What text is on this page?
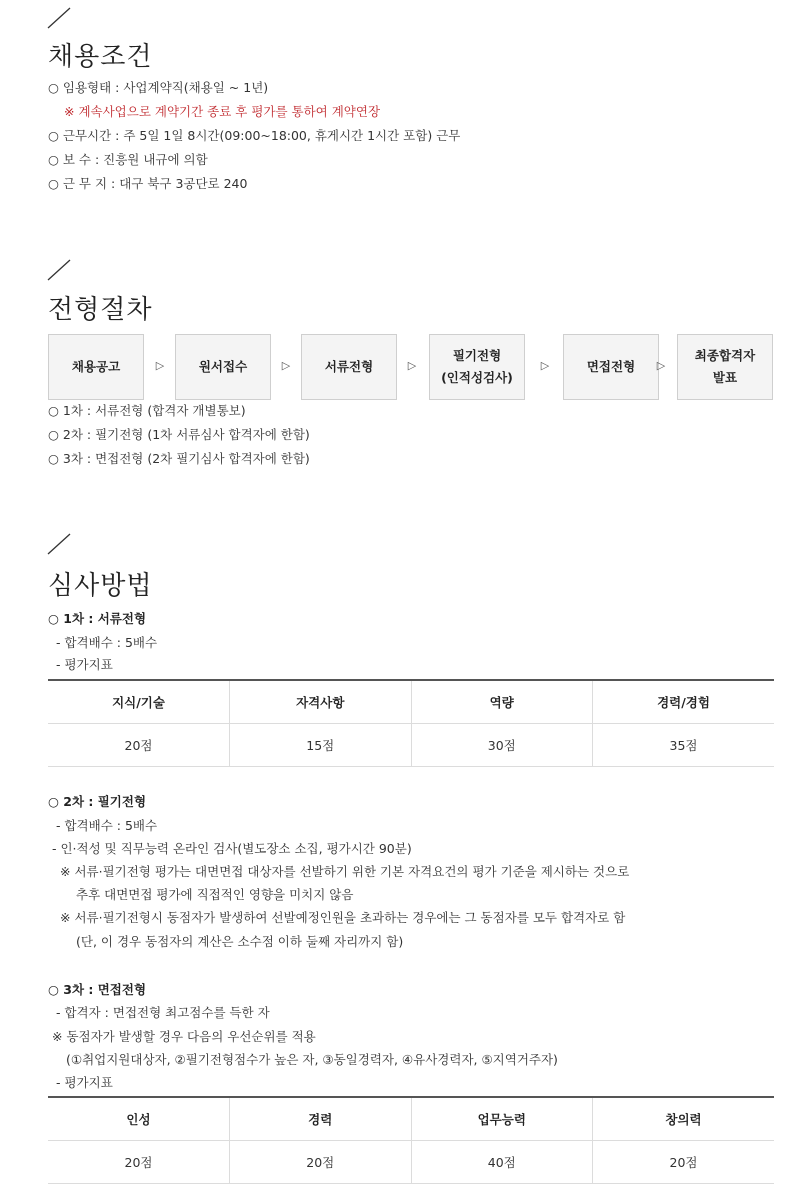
채용조건
○ 임용형태 : 사업계약직(채용일 ~ 1년)
※ 계속사업으로 계약기간 종료 후 평가를 통하여 계약연장
○ 근무시간 : 주 5일 1일 8시간(09:00~18:00, 휴게시간 1시간 포함) 근무
○ 보 수 : 진흥원 내규에 의함
○ 근 무 지 : 대구 북구 3공단로 240
전형절차
채용공고	▷	원서접수	▷	서류전형	▷
필기전형
(인적성검사)
▷	면접전형 ▷
최종합격자
발표
○ 1차 : 서류전형 (합격자 개별통보)
○ 2차 : 필기전형 (1차 서류심사 합격자에 한함)
○ 3차 : 면접전형 (2차 필기심사 합격자에 한함)
심사방법
○ 1차 : 서류전형
- 합격배수 : 5배수
- 평가지표
지식/기술	자격사항	역량	경력/경험
20점	15점	30점	35점
○ 2차 : 필기전형
- 합격배수 : 5배수
- 인·적성 및 직무능력 온라인 검사(별도장소 소집, 평가시간 90분)
※ 서류·필기전형 평가는 대면면접 대상자를 선발하기 위한 기본 자격요건의 평가 기준을 제시하는 것으로
추후 대면면접 평가에 직접적인 영향을 미치지 않음
※ 서류·필기전형시 동점자가 발생하여 선발예정인원을 초과하는 경우에는 그 동점자를 모두 합격자로 함
(단, 이 경우 동점자의 계산은 소수점 이하 둘째 자리까지 함)
○ 3차 : 면접전형
- 합격자 : 면접전형 최고점수를 득한 자
※ 동점자가 발생할 경우 다음의 우선순위를 적용
(①취업지원대상자, ②필기전형점수가 높은 자, ③동일경력자, ④유사경력자, ⑤지역거주자)
- 평가지표
인성	경력	업무능력	창의력
20점	20점	40점	20점
